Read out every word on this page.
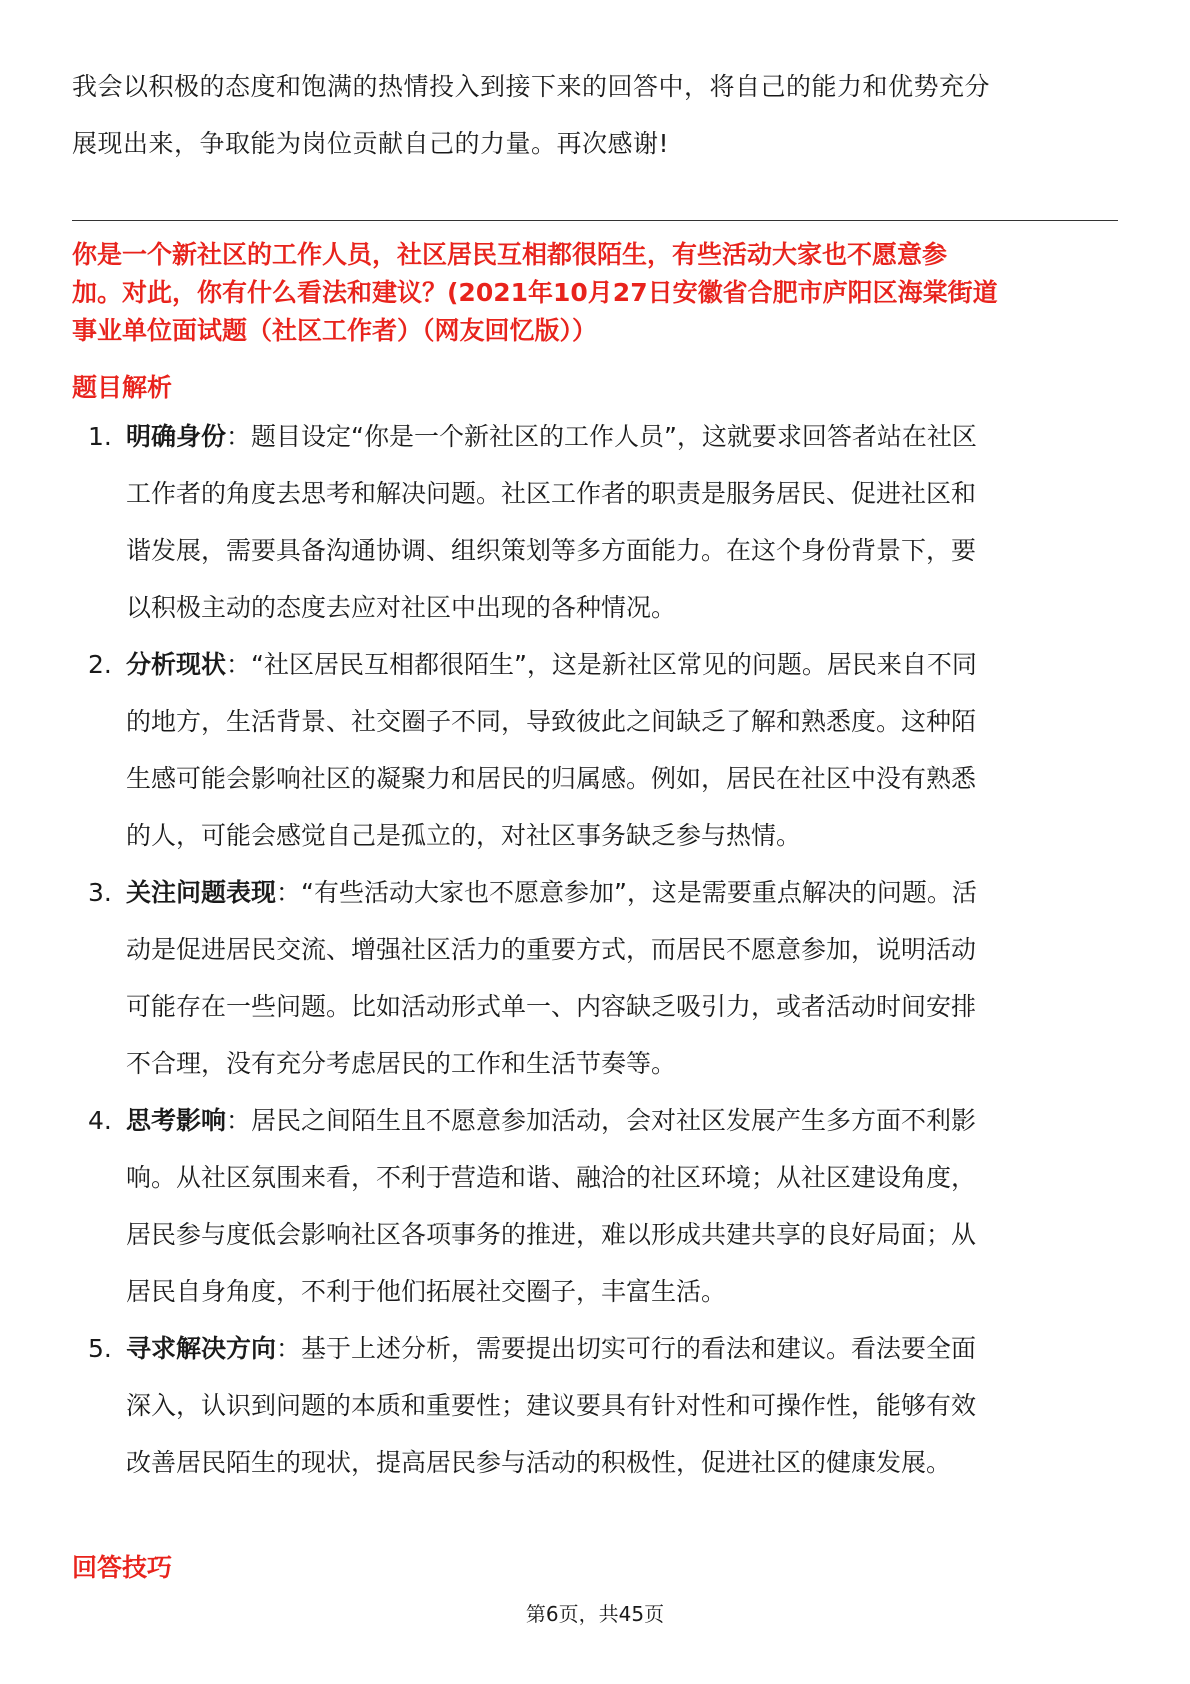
我会以积极的态度和饱满的热情投入到接下来的回答中，将自己的能力和优势充分

展现出来，争取能为岗位贡献自己的力量。再次感谢!

你是一个新社区的工作人员，社区居民互相都很陌生，有些活动大家也不愿意参
加。对此，你有什么看法和建议？(2021年10月27日安徽省合肥市庐阳区海棠街道
事业单位面试题（社区工作者）（网友回忆版））
题目解析
1. 明确身份：题目设定“你是一个新社区的工作人员”，这就要求回答者站在社区
工作者的角度去思考和解决问题。社区工作者的职责是服务居民、促进社区和
谐发展，需要具备沟通协调、组织策划等多方面能力。在这个身份背景下，要
以积极主动的态度去应对社区中出现的各种情况。
2. 分析现状：“社区居民互相都很陌生”，这是新社区常见的问题。居民来自不同
的地方，生活背景、社交圈子不同，导致彼此之间缺乏了解和熟悉度。这种陌
生感可能会影响社区的凝聚力和居民的归属感。例如，居民在社区中没有熟悉
的人，可能会感觉自己是孤立的，对社区事务缺乏参与热情。
3. 关注问题表现：“有些活动大家也不愿意参加”，这是需要重点解决的问题。活
动是促进居民交流、增强社区活力的重要方式，而居民不愿意参加，说明活动
可能存在一些问题。比如活动形式单一、内容缺乏吸引力，或者活动时间安排
不合理，没有充分考虑居民的工作和生活节奏等。
4. 思考影响：居民之间陌生且不愿意参加活动，会对社区发展产生多方面不利影
响。从社区氛围来看，不利于营造和谐、融洽的社区环境；从社区建设角度，
居民参与度低会影响社区各项事务的推进，难以形成共建共享的良好局面；从
居民自身角度，不利于他们拓展社交圈子，丰富生活。
5. 寻求解决方向：基于上述分析，需要提出切实可行的看法和建议。看法要全面
深入，认识到问题的本质和重要性；建议要具有针对性和可操作性，能够有效
改善居民陌生的现状，提高居民参与活动的积极性，促进社区的健康发展。
回答技巧
第6页，共45页
